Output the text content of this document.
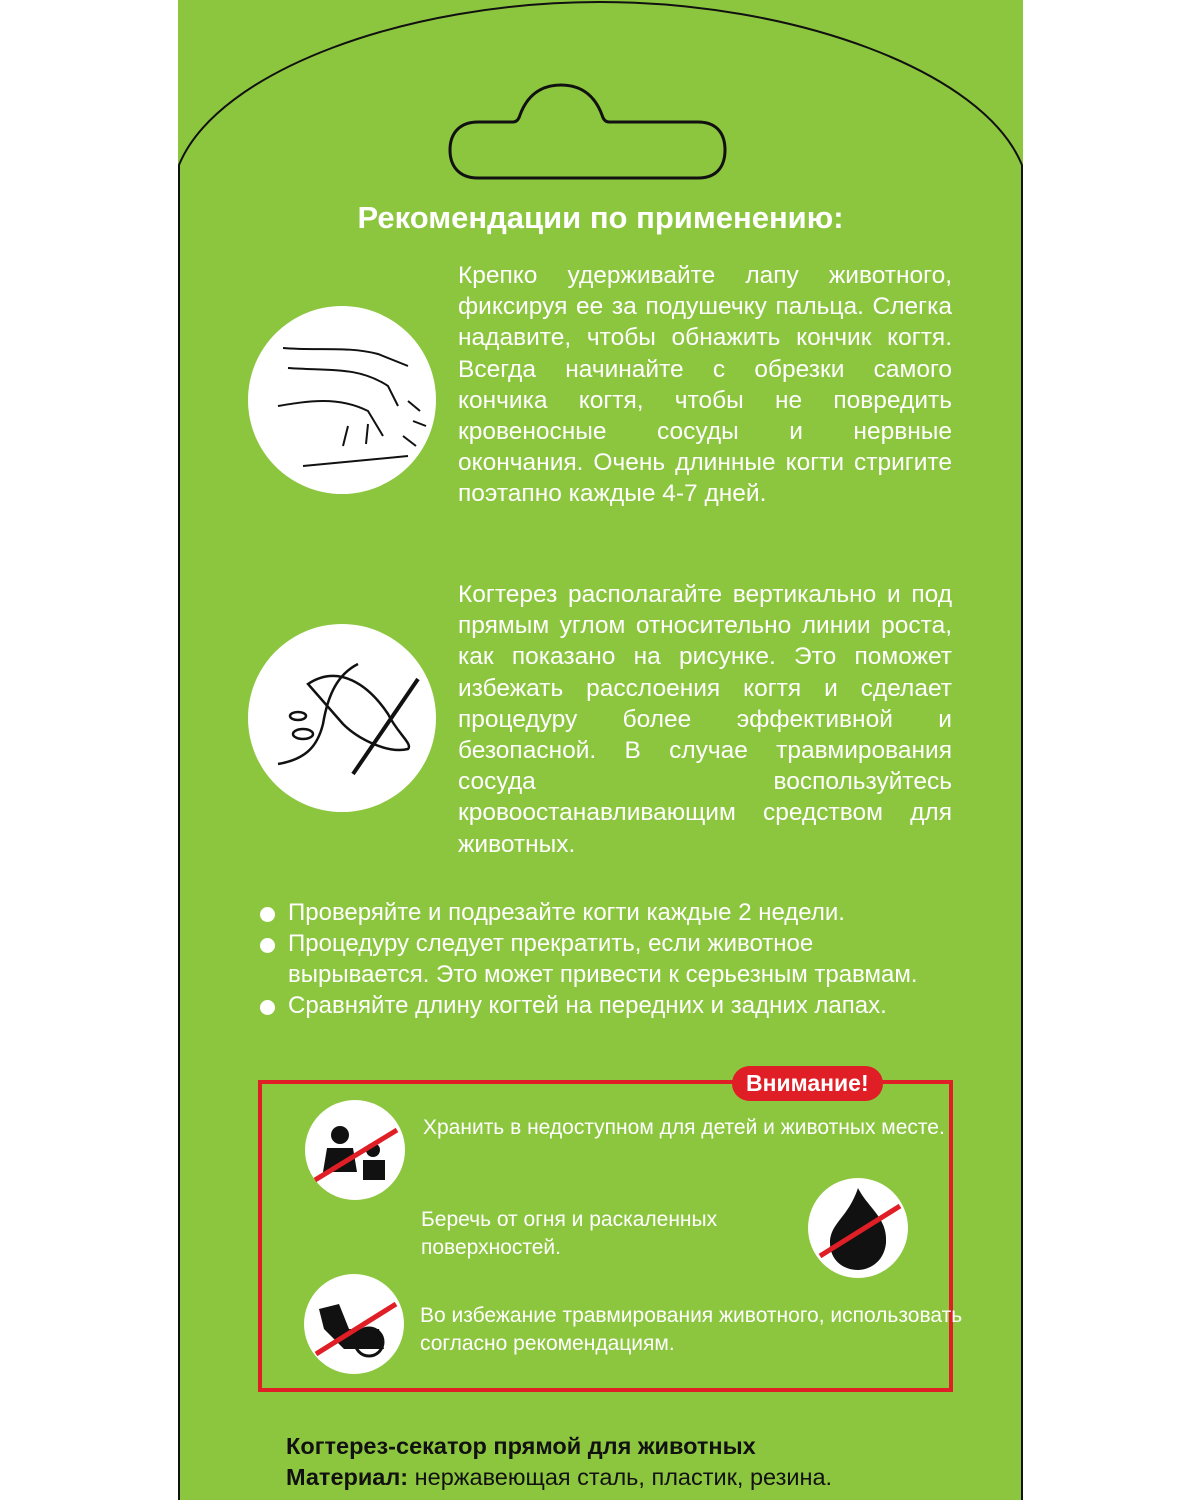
Рекомендации по применению:
Крепко удерживайте лапу животного, фиксируя ее за подушечку пальца. Слегка надавите, чтобы обнажить кончик когтя. Всегда начинайте с обрезки самого кончика когтя, чтобы не повредить кровеносные сосуды и нервные окончания. Очень длинные когти стригите поэтапно каждые 4-7 дней.
Когтерез располагайте вертикально и под прямым углом относительно линии роста, как показано на рисунке. Это поможет избежать расслоения когтя и сделает процедуру более эффективной и безопасной. В случае травмирования сосуда воспользуйтесь кровоостанавливающим средством для животных.
Проверяйте и подрезайте когти каждые 2 недели.
Процедуру следует прекратить, если животное вырывается. Это может привести к серьезным травмам.
Сравняйте длину когтей на передних и задних лапах.
Внимание!
Хранить в недоступном для детей и животных месте.
Беречь от огня и раскаленных поверхностей.
Во избежание травмирования животного, использовать согласно рекомендациям.
Когтерез-секатор прямой для животных
Материал: нержавеющая сталь, пластик, резина.
